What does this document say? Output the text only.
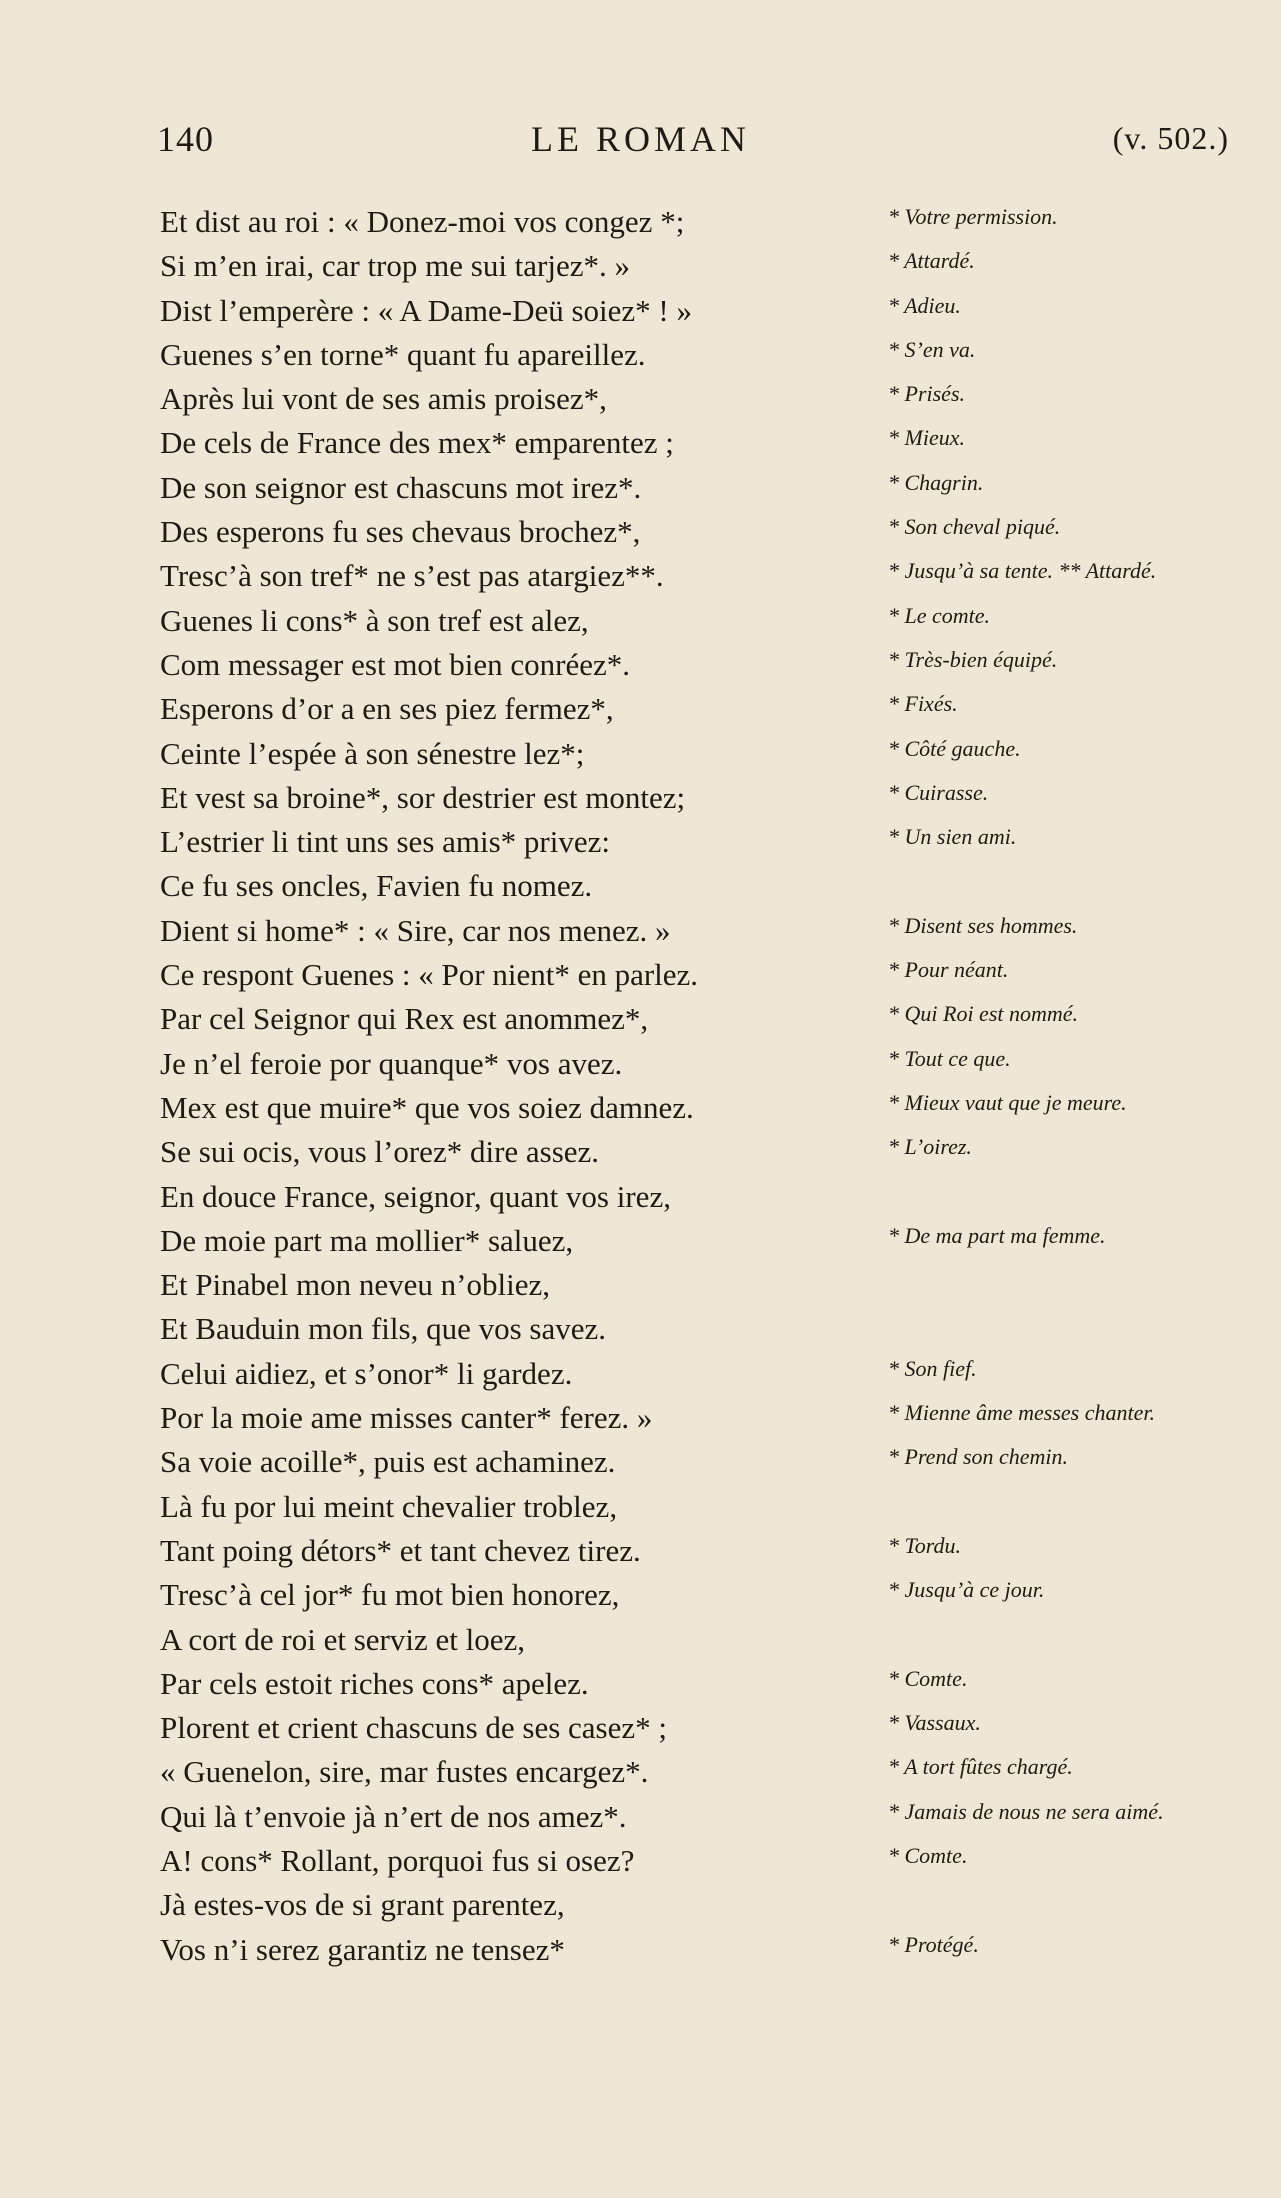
140	LE ROMAN	(v. 502.)
Et dist au roi : « Donez-moi vos congez *;	* Votre permission.
Si m’en irai, car trop me sui tarjez*. »	* Attardé.
Dist l’emperère : « A Dame-Deü soiez* ! »	* Adieu.
Guenes s’en torne* quant fu apareillez.	* S’en va.
Après lui vont de ses amis proisez*,	* Prisés.
De cels de France des mex* emparentez ;	* Mieux.
De son seignor est chascuns mot irez*.	* Chagrin.
Des esperons fu ses chevaus brochez*,	* Son cheval piqué.
Tresc’à son tref* ne s’est pas atargiez**.	* Jusqu’à sa tente. ** Attardé.
Guenes li cons* à son tref est alez,	* Le comte.
Com messager est mot bien conréez*.	* Très-bien équipé.
Esperons d’or a en ses piez fermez*,	* Fixés.
Ceinte l’espée à son sénestre lez*;	* Côté gauche.
Et vest sa broine*, sor destrier est montez;	* Cuirasse.
L’estrier li tint uns ses amis* privez:	* Un sien ami.
Ce fu ses oncles, Favien fu nomez.
Dient si home* : « Sire, car nos menez. »	* Disent ses hommes.
Ce respont Guenes : « Por nient* en parlez.	* Pour néant.
Par cel Seignor qui Rex est anommez*,	* Qui Roi est nommé.
Je n’el feroie por quanque* vos avez.	* Tout ce que.
Mex est que muire* que vos soiez damnez.	* Mieux vaut que je meure.
Se sui ocis, vous l’orez* dire assez.	* L’oirez.
En douce France, seignor, quant vos irez,
De moie part ma mollier* saluez,	* De ma part ma femme.
Et Pinabel mon neveu n’obliez,
Et Bauduin mon fils, que vos savez.
Celui aidiez, et s’onor* li gardez.	* Son fief.
Por la moie ame misses canter* ferez. »	* Mienne âme messes chanter.
Sa voie acoille*, puis est achaminez.	* Prend son chemin.
Là fu por lui meint chevalier troblez,
Tant poing détors* et tant chevez tirez.	* Tordu.
Tresc’à cel jor* fu mot bien honorez,	* Jusqu’à ce jour.
A cort de roi et serviz et loez,
Par cels estoit riches cons* apelez.	* Comte.
Plorent et crient chascuns de ses casez* ;	* Vassaux.
« Guenelon, sire, mar fustes encargez*.	* A tort fûtes chargé.
Qui là t’envoie jà n’ert de nos amez*.	* Jamais de nous ne sera aimé.
A! cons* Rollant, porquoi fus si osez?	* Comte.
Jà estes-vos de si grant parentez,
Vos n’i serez garantiz ne tensez*	* Protégé.
